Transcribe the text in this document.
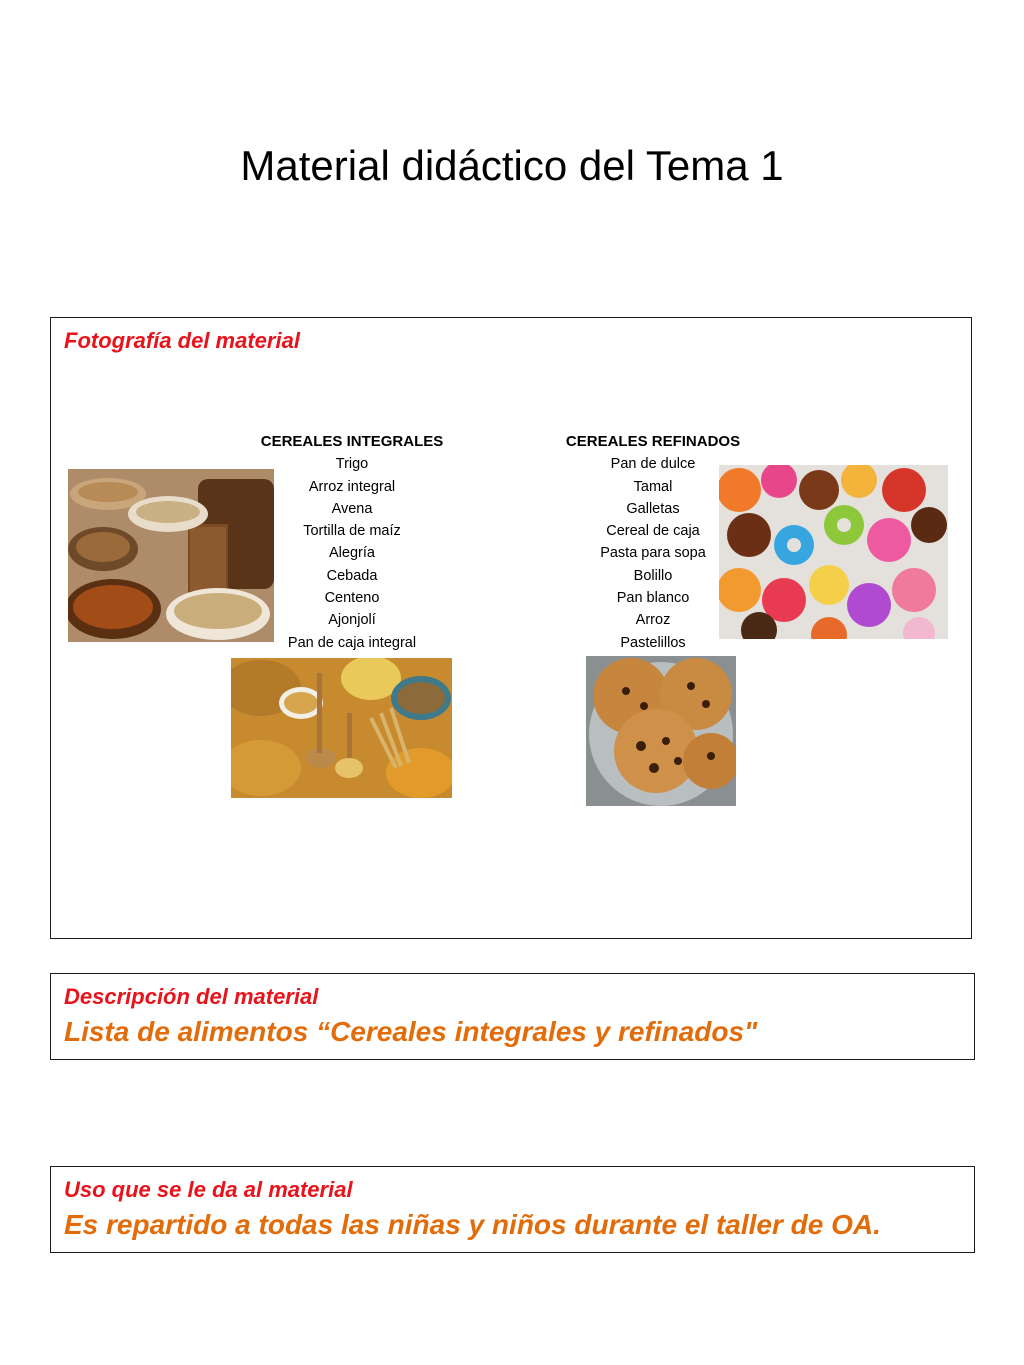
Material didáctico del Tema 1
Fotografía del material
CEREALES INTEGRALES
Trigo
Arroz integral
Avena
Tortilla de maíz
Alegría
Cebada
Centeno
Ajonjolí
Pan de caja integral
CEREALES REFINADOS
Pan de dulce
Tamal
Galletas
Cereal de caja
Pasta para sopa
Bolillo
Pan blanco
Arroz
Pastelillos
Descripción del material
Lista de alimentos “Cereales integrales y refinados"
Uso que se le da al material
Es repartido a todas las niñas y niños durante el taller de OA.
